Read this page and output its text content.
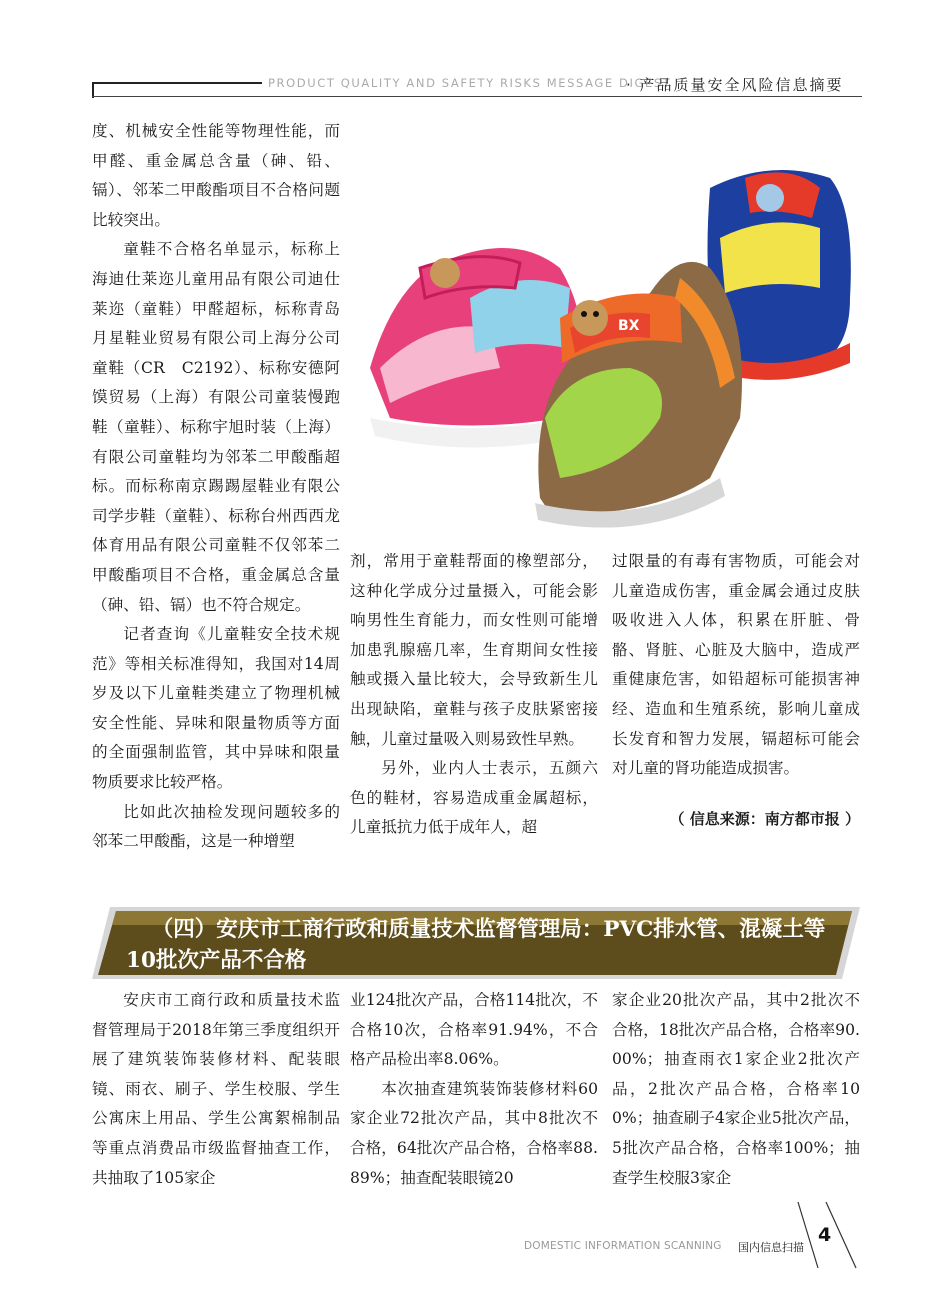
PRODUCT QUALITY AND SAFETY RISKS MESSAGE DIGEST
· 产品质量安全风险信息摘要

度、机械安全性能等物理性能，而甲醛、重金属总含量（砷、铅、镉）、邻苯二甲酸酯项目不合格问题比较突出。

童鞋不合格名单显示，标称上海迪仕莱迩儿童用品有限公司迪仕莱迩（童鞋）甲醛超标，标称青岛月星鞋业贸易有限公司上海分公司童鞋（CR　C2192）、标称安德阿馍贸易（上海）有限公司童装慢跑鞋（童鞋）、标称宇旭时装（上海）有限公司童鞋均为邻苯二甲酸酯超标。而标称南京踢踢屋鞋业有限公司学步鞋（童鞋）、标称台州西西龙体育用品有限公司童鞋不仅邻苯二甲酸酯项目不合格，重金属总含量（砷、铅、镉）也不符合规定。

记者查询《儿童鞋安全技术规范》等相关标准得知，我国对14周岁及以下儿童鞋类建立了物理机械安全性能、异味和限量物质等方面的全面强制监管，其中异味和限量物质要求比较严格。

比如此次抽检发现问题较多的邻苯二甲酸酯，这是一种增塑

BX

剂，常用于童鞋帮面的橡塑部分，这种化学成分过量摄入，可能会影响男性生育能力，而女性则可能增加患乳腺癌几率，生育期间女性接触或摄入量比较大，会导致新生儿出现缺陷，童鞋与孩子皮肤紧密接触，儿童过量吸入则易致性早熟。

另外，业内人士表示，五颜六色的鞋材，容易造成重金属超标，儿童抵抗力低于成年人，超

过限量的有毒有害物质，可能会对儿童造成伤害，重金属会通过皮肤吸收进入人体，积累在肝脏、骨骼、肾脏、心脏及大脑中，造成严重健康危害，如铅超标可能损害神经、造血和生殖系统，影响儿童成长发育和智力发展，镉超标可能会对儿童的肾功能造成损害。

（ 信息来源：南方都市报 ）
（四）安庆市工商行政和质量技术监督管理局：PVC排水管、混凝土等10批次产品不合格

安庆市工商行政和质量技术监督管理局于2018年第三季度组织开展了建筑装饰装修材料、配装眼镜、雨衣、刷子、学生校服、学生公寓床上用品、学生公寓絮棉制品等重点消费品市级监督抽查工作，共抽取了105家企

业124批次产品，合格114批次，不合格10次，合格率91.94%，不合格产品检出率8.06%。

本次抽查建筑装饰装修材料60家企业72批次产品，其中8批次不合格，64批次产品合格，合格率88.89%；抽查配装眼镜20

家企业20批次产品，其中2批次不合格，18批次产品合格，合格率90.00%；抽查雨衣1家企业2批次产品，2批次产品合格，合格率100%；抽查刷子4家企业5批次产品，5批次产品合格，合格率100%；抽查学生校服3家企

DOMESTIC INFORMATION SCANNING 国内信息扫描
4
